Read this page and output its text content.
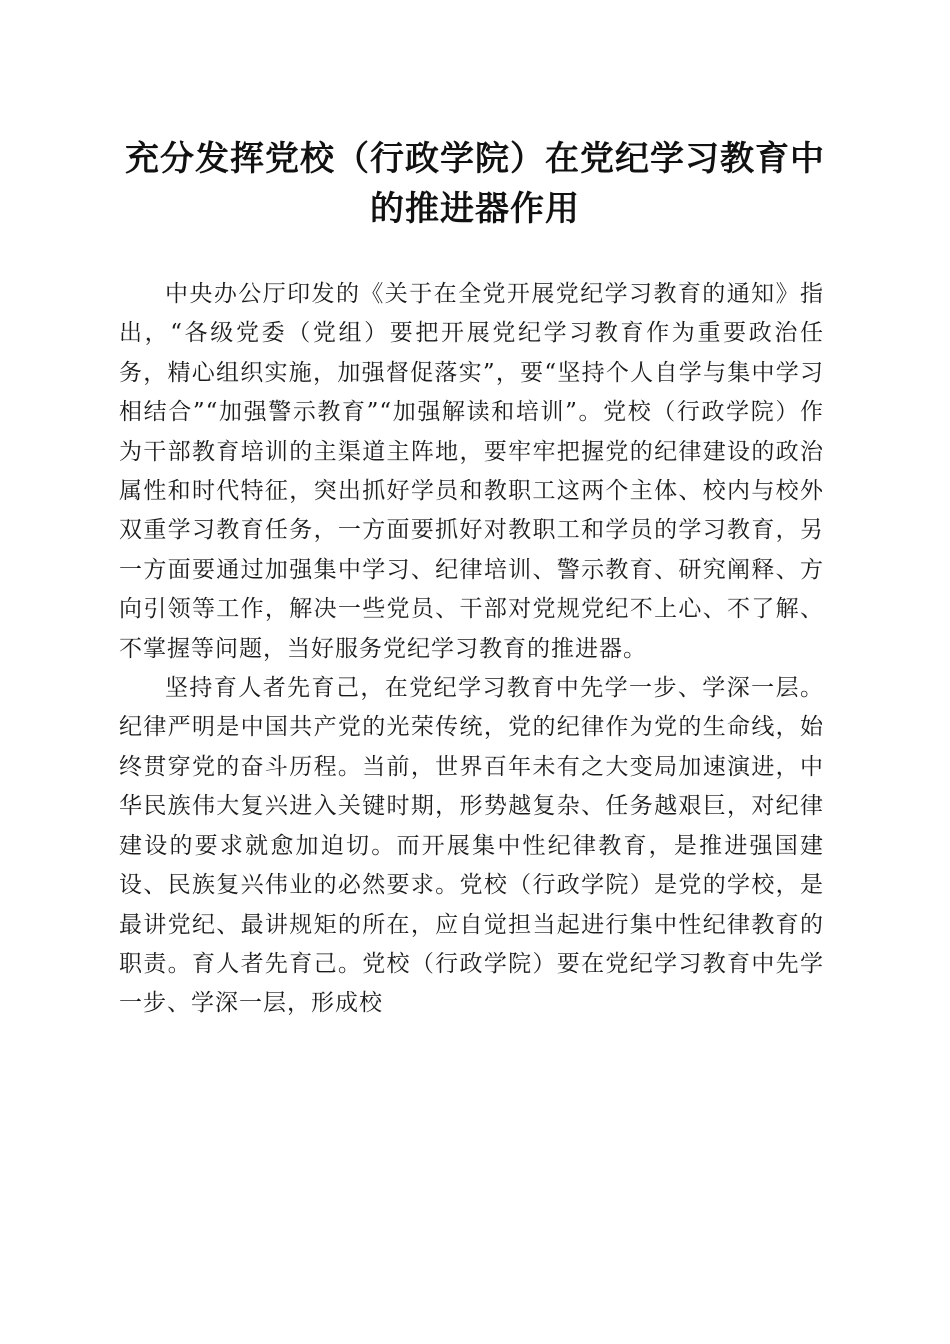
充分发挥党校（行政学院）在党纪学习教育中
的推进器作用

中央办公厅印发的《关于在全党开展党纪学习教育的通知》指出，“各级党委（党组）要把开展党纪学习教育作为重要政治任务，精心组织实施，加强督促落实”，要“坚持个人自学与集中学习相结合”“加强警示教育”“加强解读和培训”。党校（行政学院）作为干部教育培训的主渠道主阵地，要牢牢把握党的纪律建设的政治属性和时代特征，突出抓好学员和教职工这两个主体、校内与校外双重学习教育任务，一方面要抓好对教职工和学员的学习教育，另一方面要通过加强集中学习、纪律培训、警示教育、研究阐释、方向引领等工作，解决一些党员、干部对党规党纪不上心、不了解、不掌握等问题，当好服务党纪学习教育的推进器。

坚持育人者先育己，在党纪学习教育中先学一步、学深一层。纪律严明是中国共产党的光荣传统，党的纪律作为党的生命线，始终贯穿党的奋斗历程。当前，世界百年未有之大变局加速演进，中华民族伟大复兴进入关键时期，形势越复杂、任务越艰巨，对纪律建设的要求就愈加迫切。而开展集中性纪律教育，是推进强国建设、民族复兴伟业的必然要求。党校（行政学院）是党的学校，是最讲党纪、最讲规矩的所在，应自觉担当起进行集中性纪律教育的职责。育人者先育己。党校（行政学院）要在党纪学习教育中先学一步、学深一层，形成校
